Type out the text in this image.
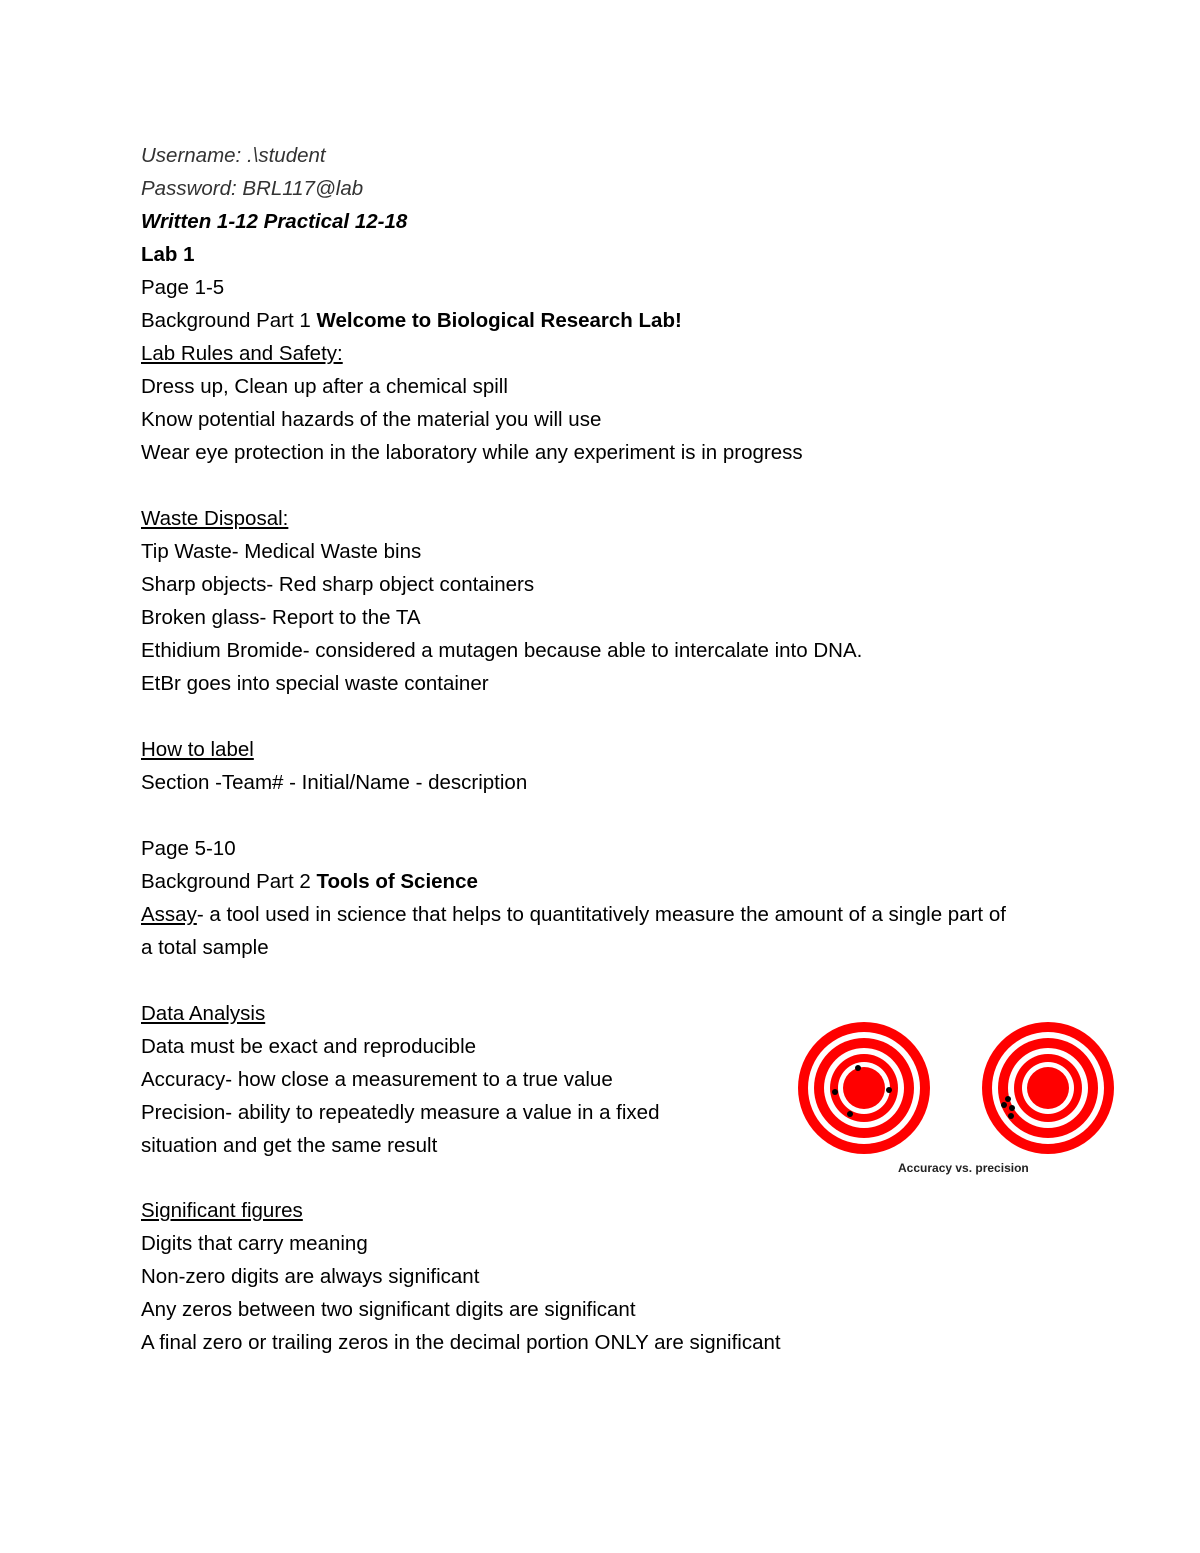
Username: .\student
Password: BRL117@lab
Written 1-12 Practical 12-18
Lab 1
Page 1-5
Background Part 1 Welcome to Biological Research Lab!
Lab Rules and Safety:
Dress up, Clean up after a chemical spill
Know potential hazards of the material you will use
Wear eye protection in the laboratory while any experiment is in progress
Waste Disposal:
Tip Waste- Medical Waste bins
Sharp objects- Red sharp object containers
Broken glass- Report to the TA
Ethidium Bromide- considered a mutagen because able to intercalate into DNA.
EtBr goes into special waste container
How to label
Section -Team# - Initial/Name - description
Page 5-10
Background Part 2 Tools of Science
Assay- a tool used in science that helps to quantitatively measure the amount of a single part of
a total sample
Data Analysis
Data must be exact and reproducible
Accuracy- how close a measurement to a true value
Precision- ability to repeatedly measure a value in a fixed
situation and get the same result
Significant figures
Digits that carry meaning
Non-zero digits are always significant
Any zeros between two significant digits are significant
A final zero or trailing zeros in the decimal portion ONLY are significant
Accuracy vs. precision
